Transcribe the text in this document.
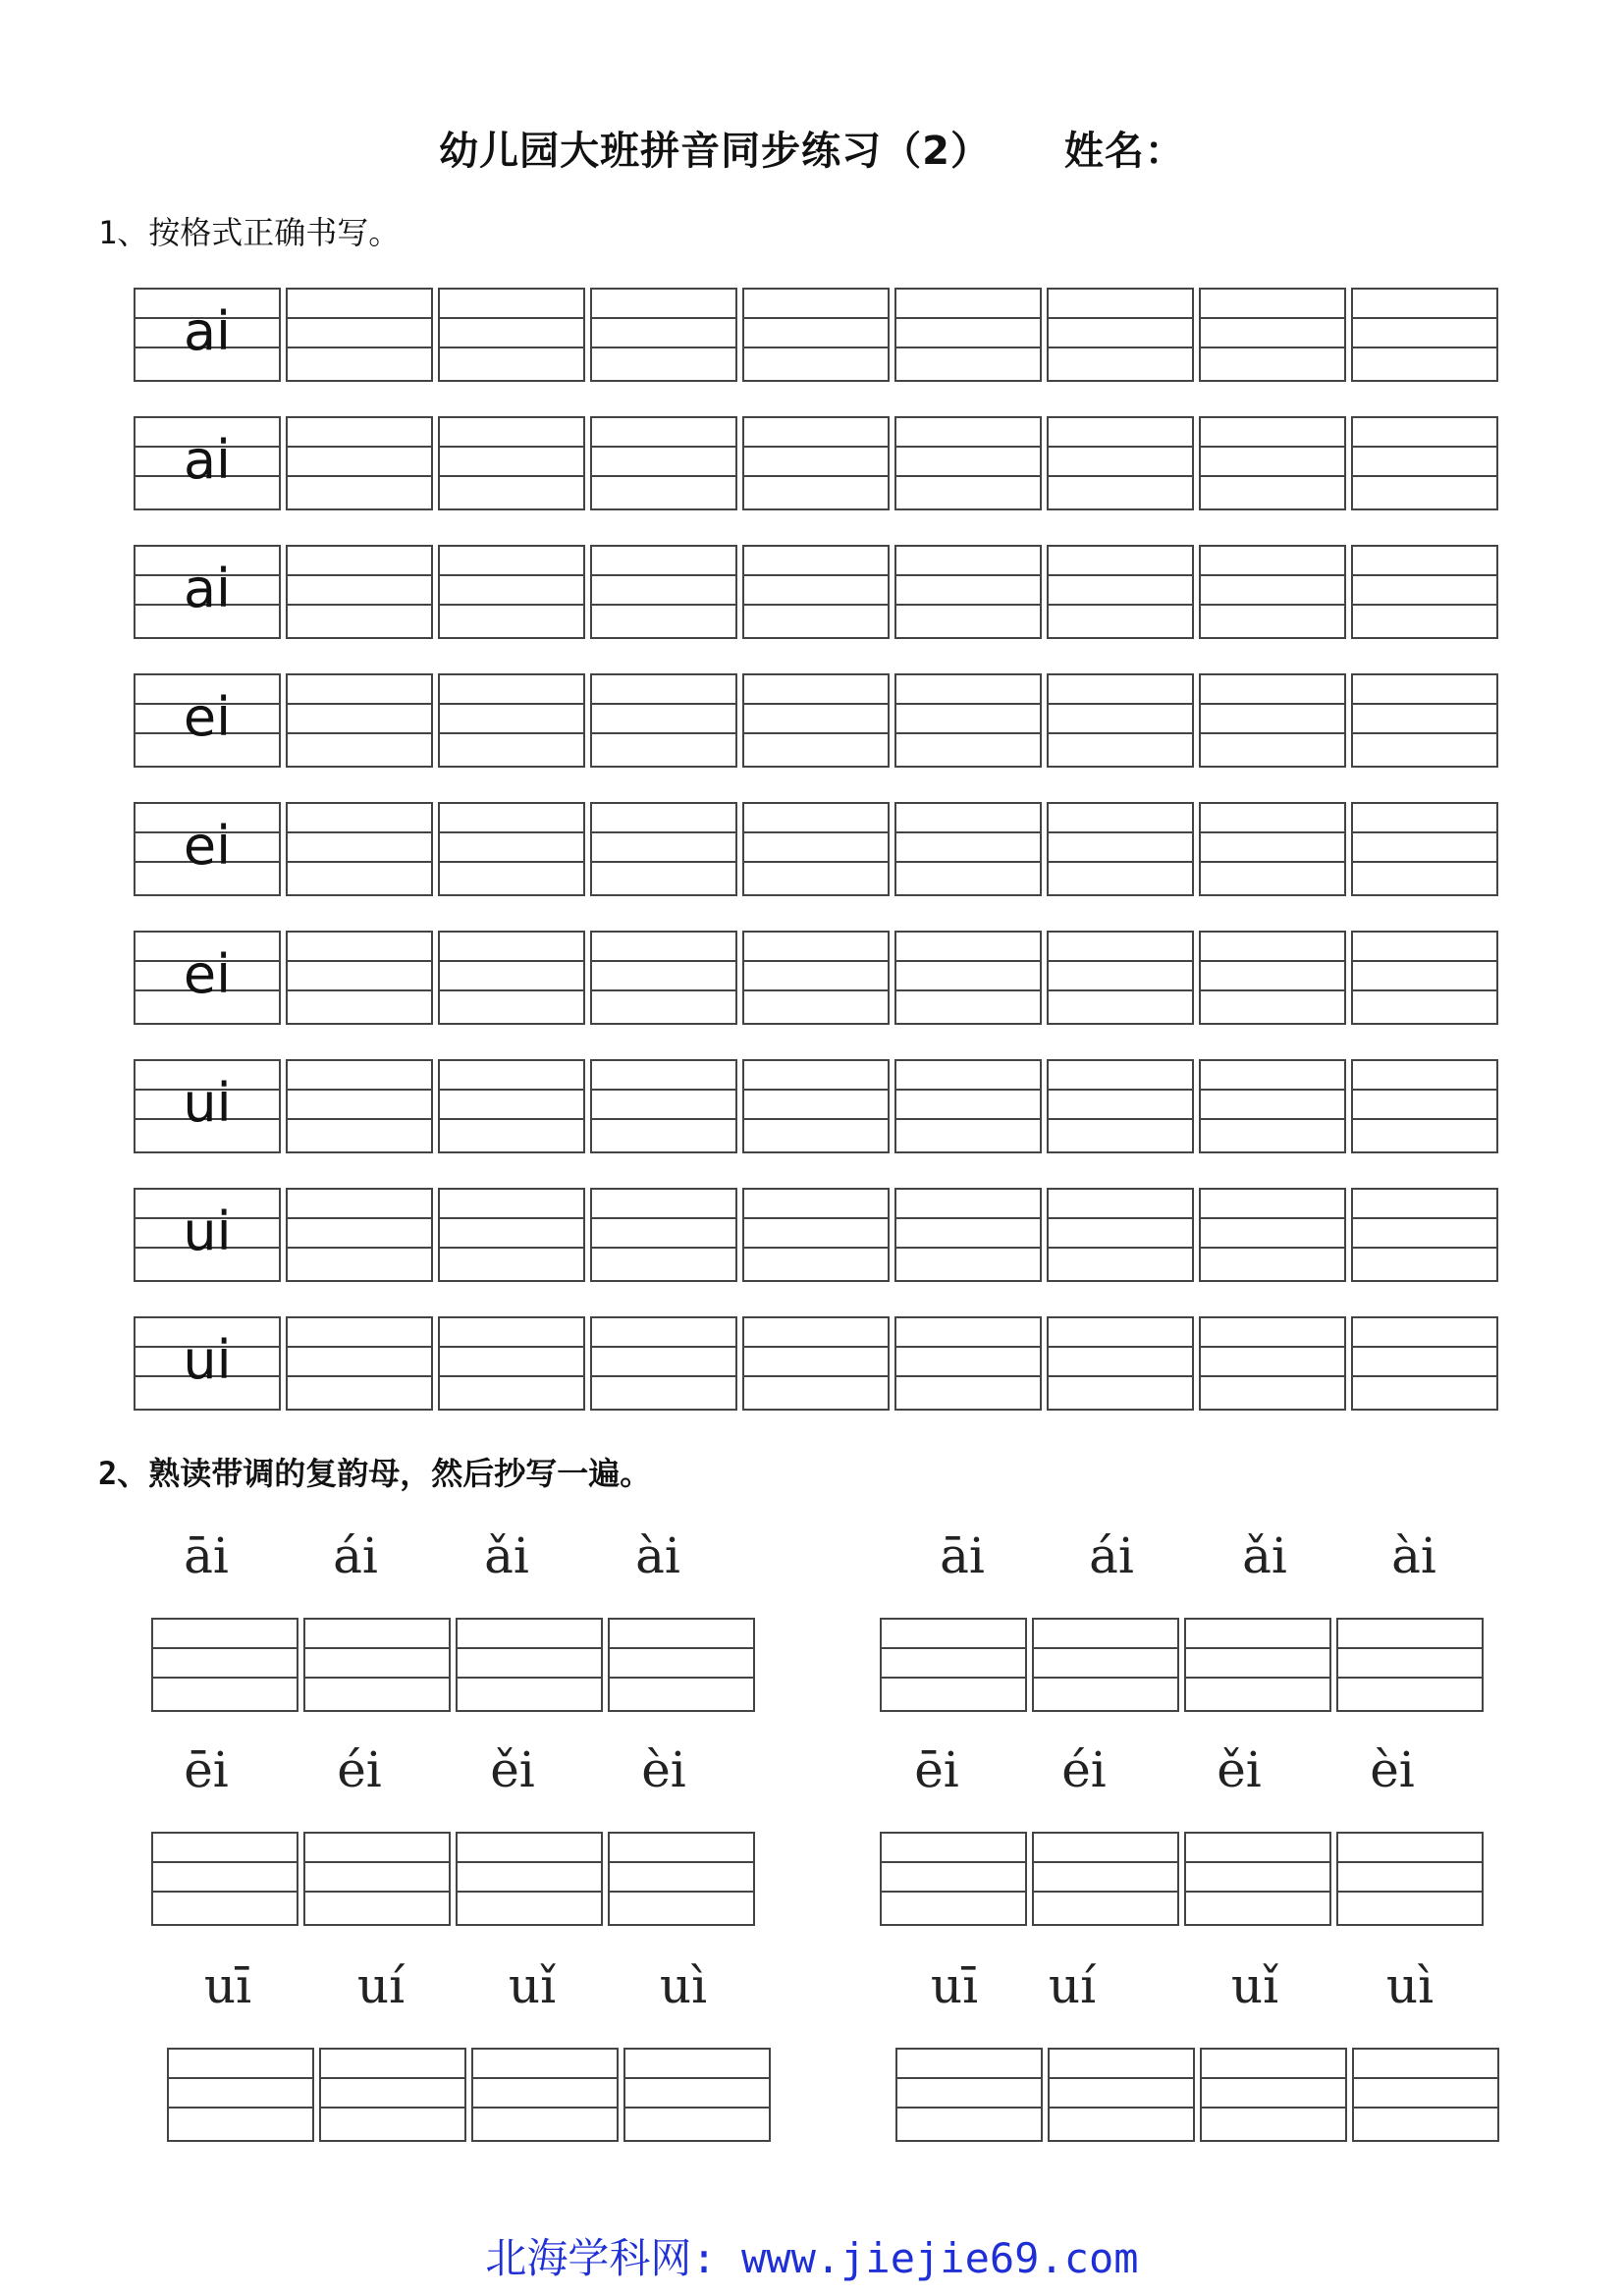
幼儿园大班拼音同步练习（2） 姓名：
1、按格式正确书写。
ai
ai
ai
ei
ei
ei
ui
ui
ui
2、熟读带调的复韵母，然后抄写一遍。
āi	ái	ǎi	ài	āi	ái	ǎi	ài
ēi	éi	ěi	èi	ēi	éi	ěi	èi
uī	uí	uǐ	uì	uī	uí	uǐ	uì
北海学科网: www.jiejie69.com
